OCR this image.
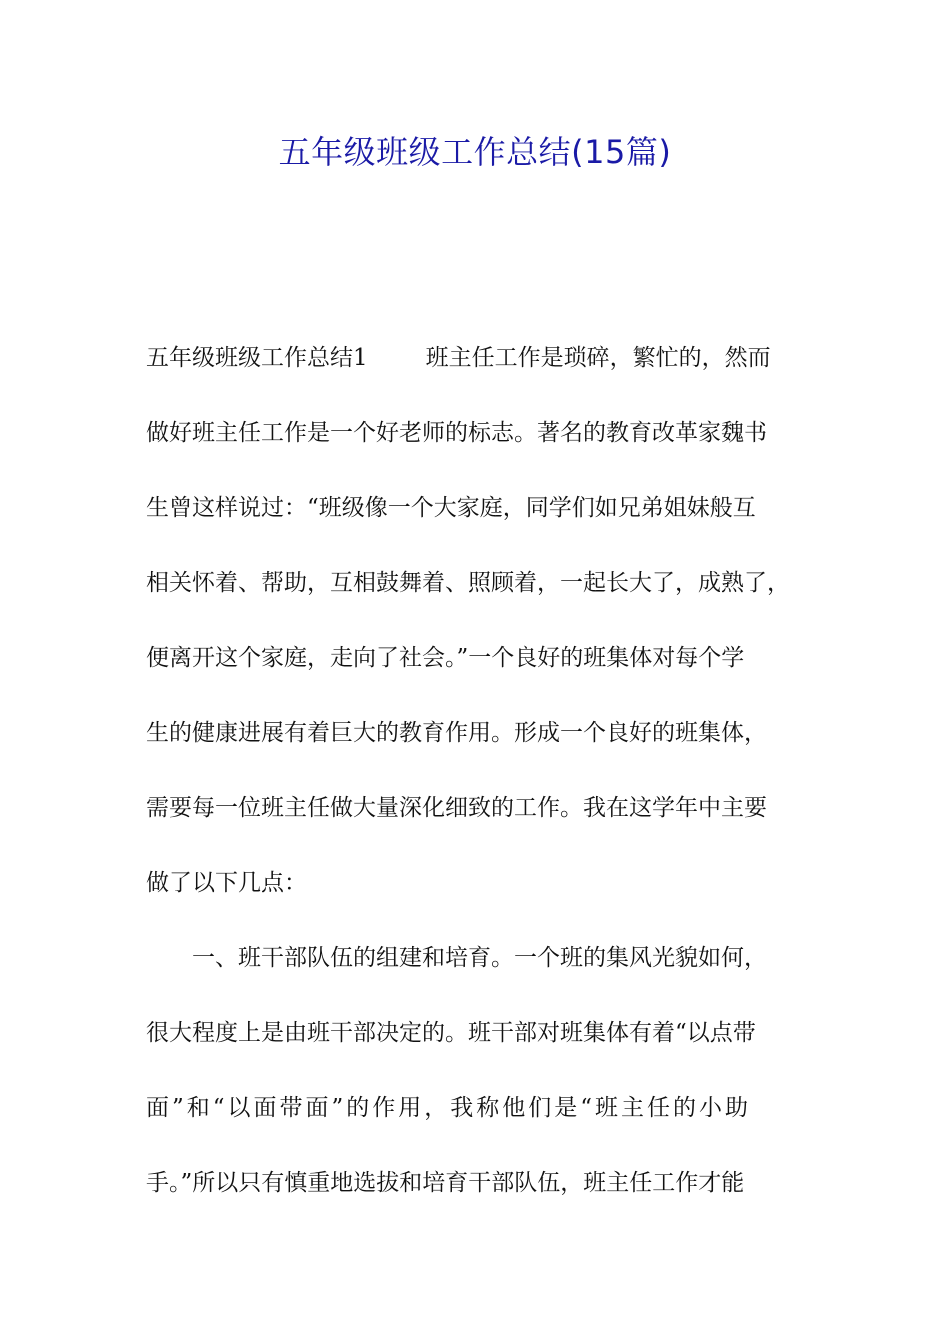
五年级班级工作总结(15篇)
五年级班级工作总结1	班主任工作是琐碎，繁忙的，然而
做好班主任工作是一个好老师的标志。著名的教育改革家魏书
生曾这样说过：“班级像一个大家庭，同学们如兄弟姐妹般互
相关怀着、帮助，互相鼓舞着、照顾着，一起长大了，成熟了，
便离开这个家庭，走向了社会。”一个良好的班集体对每个学
生的健康进展有着巨大的教育作用。形成一个良好的班集体，
需要每一位班主任做大量深化细致的工作。我在这学年中主要
做了以下几点：
一、班干部队伍的组建和培育。一个班的集风光貌如何，
很大程度上是由班干部决定的。班干部对班集体有着“以点带
面”和“以面带面”的作用，我称他们是“班主任的小助
手。”所以只有慎重地选拔和培育干部队伍，班主任工作才能
